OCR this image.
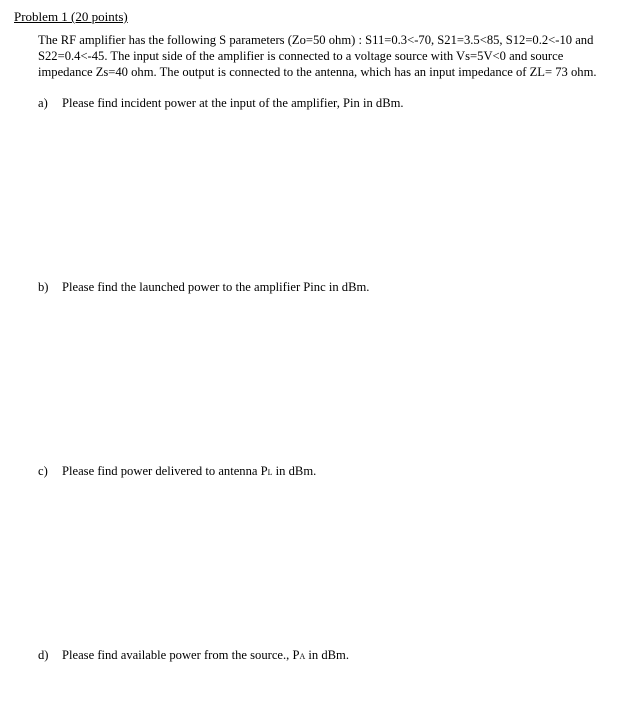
Problem 1 (20 points)

The RF amplifier has the following S parameters (Zo=50 ohm) : S11=0.3<-70, S21=3.5<85, S12=0.2<-10 and
S22=0.4<-45. The input side of the amplifier is connected to a voltage source with Vs=5V<0 and source
impedance Zs=40 ohm. The output is connected to the antenna, which has an input impedance of ZL= 73 ohm.

a) Please find incident power at the input of the amplifier, Pin in dBm.
b) Please find the launched power to the amplifier Pinc in dBm.
c) Please find power delivered to antenna PL in dBm.
d) Please find available power from the source., PA in dBm.
